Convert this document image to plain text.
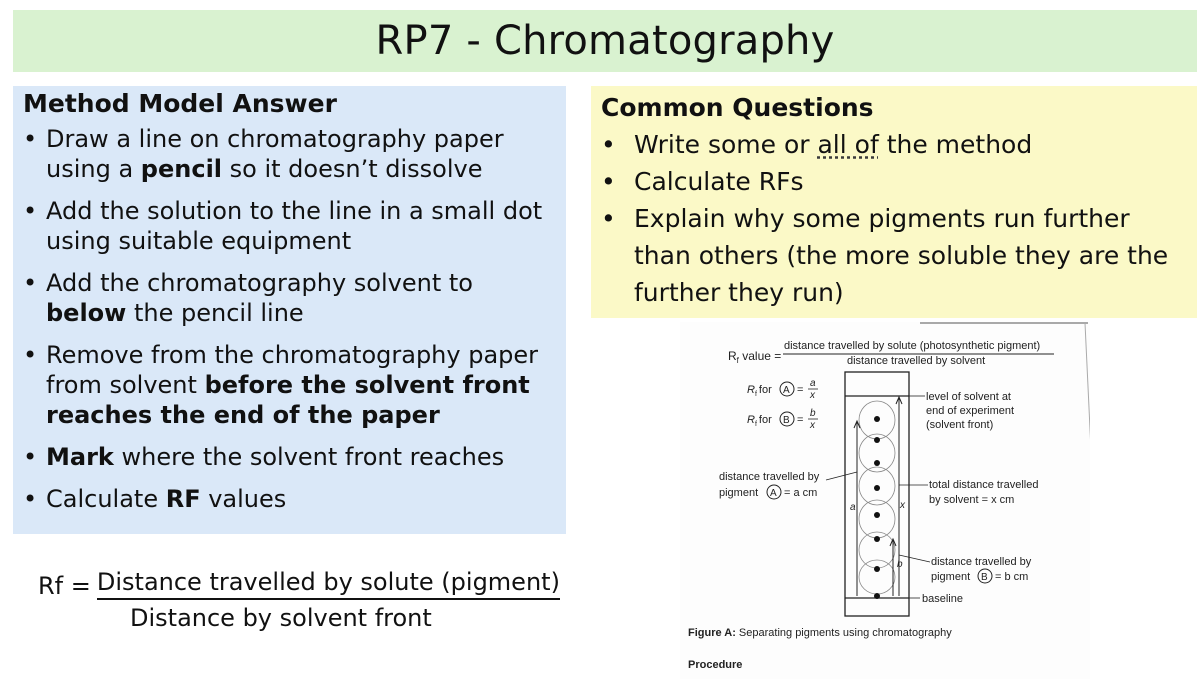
RP7 - Chromatography
Method Model Answer
• Draw a line on chromatography paper using a pencil so it doesn’t dissolve
• Add the solution to the line in a small dot using suitable equipment
• Add the chromatography solvent to below the pencil line
• Remove from the chromatography paper from solvent before the solvent front reaches the end of the paper
• Mark where the solvent front reaches
• Calculate RF values
Common Questions
• Write some or all of the method
• Calculate RFs
• Explain why some pigments run further than others (the more soluble they are the further they run)
Rf = Distance travelled by solute (pigment)
Distance by solvent front
$R_f$ value =
distance travelled by solute (photosynthetic pigment)
distance travelled by solvent
$R_f$ for A =
a
x
$R_f$ for B =
b
x
a	x
b
level of solvent at
end of experiment
(solvent front)
total distance travelled
by solvent = x cm
distance travelled by
pigment B = b cm
baseline
distance travelled by
pigment A = a cm
Figure A: Separating pigments using chromatography
Procedure
